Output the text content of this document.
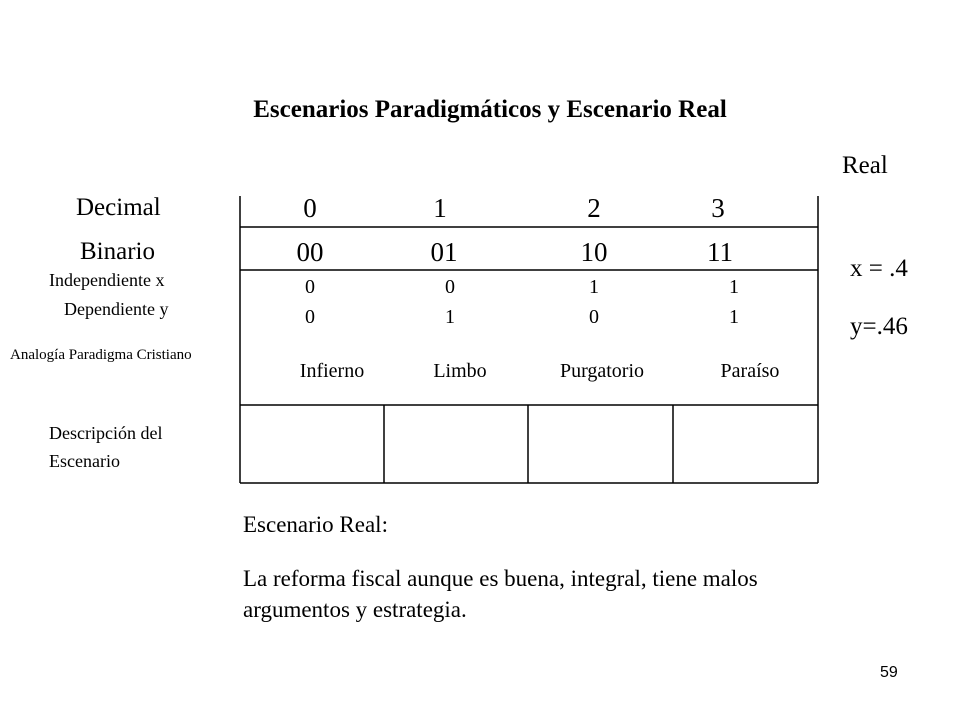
Escenarios Paradigmáticos y Escenario Real
Real
Decimal
Binario
Independiente x
Dependiente y
Analogía Paradigma Cristiano
Descripción del Escenario
0
00
0
0
Infierno
1
01
0
1
Limbo
2
10
1
0
Purgatorio
3
11
1
1
Paraíso
x = .4
y=.46
Escenario Real:
La reforma fiscal aunque es buena, integral, tiene malos argumentos y estrategia.
59
